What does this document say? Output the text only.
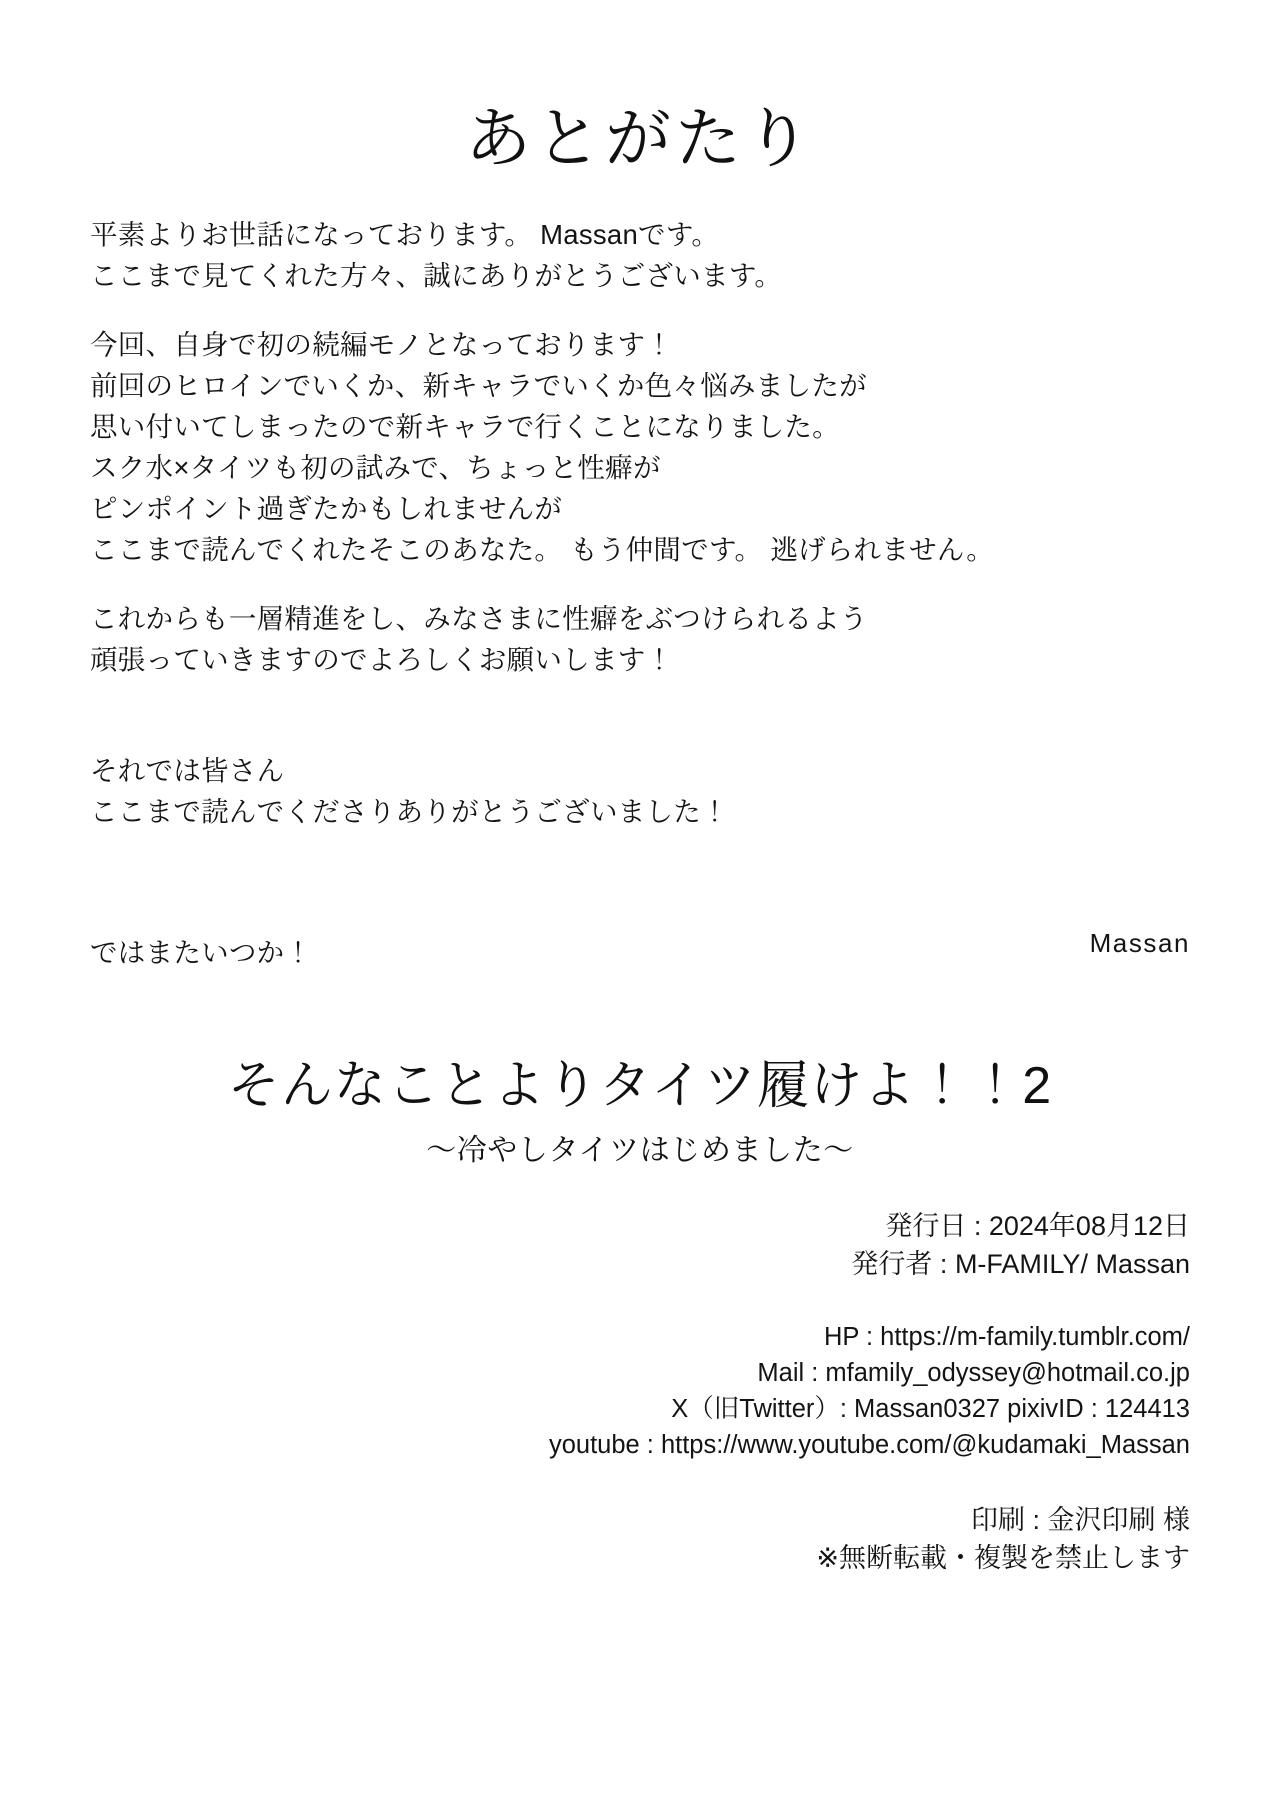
あとがたり

平素よりお世話になっております。 Massanです。
ここまで見てくれた方々、誠にありがとうございます。

今回、自身で初の続編モノとなっております！
前回のヒロインでいくか、新キャラでいくか色々悩みましたが
思い付いてしまったので新キャラで行くことになりました。
スク水×タイツも初の試みで、ちょっと性癖が
ピンポイント過ぎたかもしれませんが
ここまで読んでくれたそこのあなた。 もう仲間です。 逃げられません。

これからも一層精進をし、みなさまに性癖をぶつけられるよう
頑張っていきますのでよろしくお願いします！

それでは皆さん
ここまで読んでくださりありがとうございました！

ではまたいつか！	Massan
そんなことよりタイツ履けよ！！2
〜冷やしタイツはじめました〜
発行日 : 2024年08月12日
発行者 : M-FAMILY/ Massan
HP : https://m-family.tumblr.com/
Mail : mfamily_odyssey@hotmail.co.jp
X（旧Twitter）: Massan0327 pixivID : 124413
youtube : https://www.youtube.com/@kudamaki_Massan
印刷 : 金沢印刷 様
※無断転載・複製を禁止します
